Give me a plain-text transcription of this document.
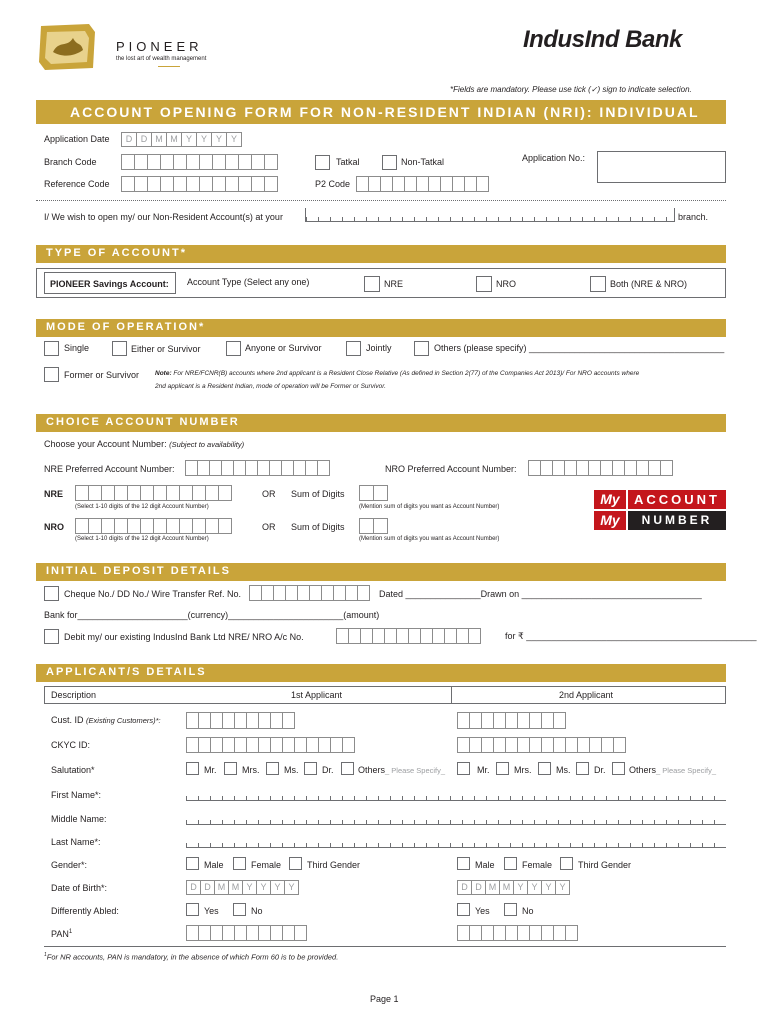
PIONEER
the lost art of wealth management
IndusInd Bank
*Fields are mandatory. Please use tick (✓) sign to indicate selection.
ACCOUNT OPENING FORM FOR NON-RESIDENT INDIAN (NRI): INDIVIDUAL
Application Date	D D M M Y Y Y Y
Branch Code	Tatkal	Non-Tatkal	Application No.:
Reference Code	P2 Code
I/ We wish to open my/ our Non-Resident Account(s) at your	branch.
TYPE OF ACCOUNT*
PIONEER Savings Account: Account Type (Select any one)	NRE	NRO	Both (NRE & NRO)
MODE OF OPERATION*
Single	Either or Survivor	Anyone or Survivor	Jointly	Others (please specify) _______________________________________
Former or Survivor Note: For NRE/FCNR(B) accounts where 2nd applicant is a Resident Close Relative (As defined in Section 2(77) of the Companies Act 2013)/ For NRO accounts where
2nd applicant is a Resident Indian, mode of operation will be Former or Survivor.
CHOICE ACCOUNT NUMBER
Choose your Account Number: (Subject to availability)
NRE Preferred Account Number:	NRO Preferred Account Number:
NRE
(Select 1-10 digits of the 12 digit Account Number)
OR Sum of Digits
(Mention sum of digits you want as Account Number)
NRO
(Select 1-10 digits of the 12 digit Account Number)
OR Sum of Digits
(Mention sum of digits you want as Account Number)
My	ACCOUNT
My	NUMBER
INITIAL DEPOSIT DETAILS
Cheque No./ DD No./ Wire Transfer Ref. No.	Dated _______________Drawn on ____________________________________
Bank for______________________(currency)_______________________(amount)
Debit my/ our existing IndusInd Bank Ltd NRE/ NRO A/c No.	for ₹ ______________________________________________
APPLICANT/S DETAILS
Description	1st Applicant	2nd Applicant
Cust. ID (Existing Customers)*:
CKYC ID:
Salutation*	Mr.	Mrs.	Ms.	Dr.	Others_ Please Specify_	Mr.	Mrs.	Ms.	Dr.	Others_ Please Specify_
First Name*:
Middle Name:
Last Name*:
Gender*:	Male	Female	Third Gender	Male	Female	Third Gender
Date of Birth*:	D D M M Y Y Y Y	D D M M Y Y Y Y
Differently Abled:	Yes	No	Yes	No
PAN$^1$
$^1$For NR accounts, PAN is mandatory, in the absence of which Form 60 is to be provided.
Page 1
